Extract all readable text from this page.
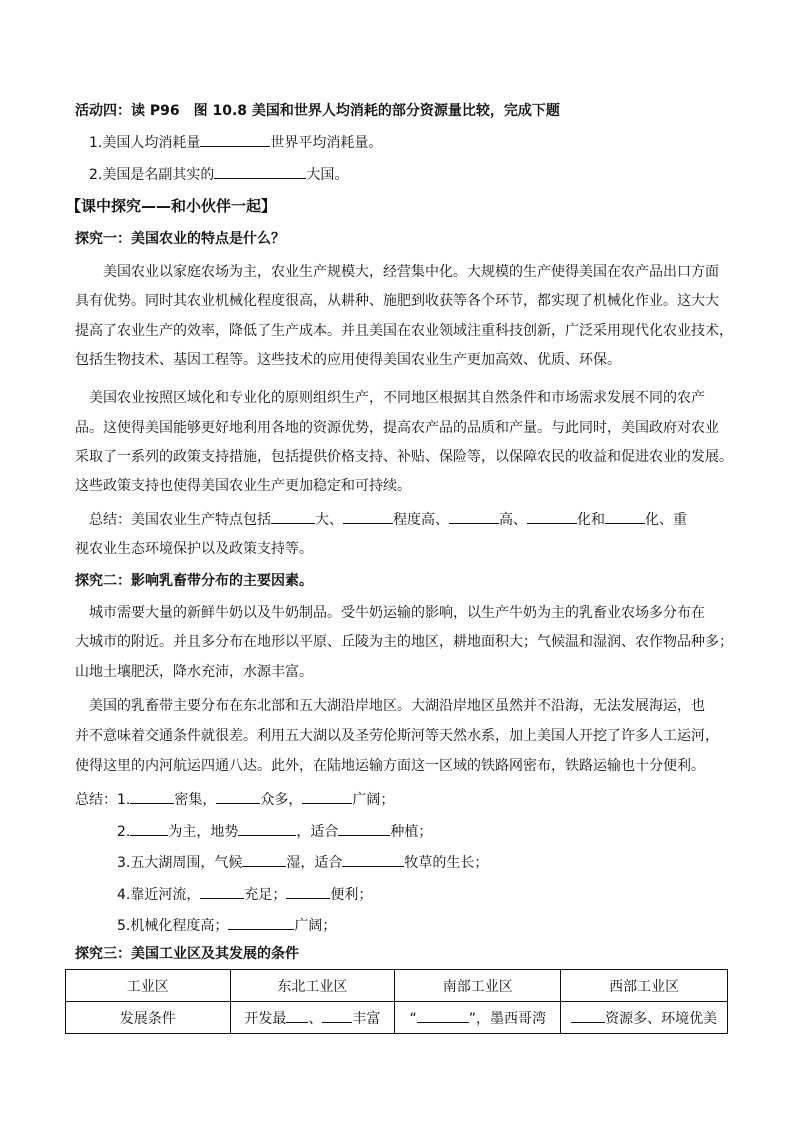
活动四：读 P96　图 10.8 美国和世界人均消耗的部分资源量比较，完成下题
1.美国人均消耗量	世界平均消耗量。
2.美国是名副其实的	大国。
【课中探究——和小伙伴一起】
探究一：美国农业的特点是什么？
美国农业以家庭农场为主，农业生产规模大，经营集中化。大规模的生产使得美国在农产品出口方面
具有优势。同时其农业机械化程度很高，从耕种、施肥到收获等各个环节，都实现了机械化作业。这大大
提高了农业生产的效率，降低了生产成本。并且美国在农业领域注重科技创新，广泛采用现代化农业技术，
包括生物技术、基因工程等。这些技术的应用使得美国农业生产更加高效、优质、环保。
美国农业按照区域化和专业化的原则组织生产，不同地区根据其自然条件和市场需求发展不同的农产
品。这使得美国能够更好地利用各地的资源优势，提高农产品的品质和产量。与此同时，美国政府对农业
采取了一系列的政策支持措施，包括提供价格支持、补贴、保险等，以保障农民的收益和促进农业的发展。
这些政策支持也使得美国农业生产更加稳定和可持续。
总结：美国农业生产特点包括	大、	程度高、	高、	化和	化、重
视农业生态环境保护以及政策支持等。
探究二：影响乳畜带分布的主要因素。
城市需要大量的新鲜牛奶以及牛奶制品。受牛奶运输的影响，以生产牛奶为主的乳畜业农场多分布在
大城市的附近。并且多分布在地形以平原、丘陵为主的地区，耕地面积大；气候温和湿润、农作物品种多；
山地土壤肥沃，降水充沛，水源丰富。
美国的乳畜带主要分布在东北部和五大湖沿岸地区。大湖沿岸地区虽然并不沿海，无法发展海运，也
并不意味着交通条件就很差。利用五大湖以及圣劳伦斯河等天然水系，加上美国人开挖了许多人工运河，
使得这里的内河航运四通八达。此外，在陆地运输方面这一区域的铁路网密布，铁路运输也十分便利。
总结：1.	密集，	众多，	广阔；
2.	为主，地势	，适合	种植；
3.五大湖周围，气候	湿，适合	牧草的生长；
4.靠近河流，	充足；	便利；
5.机械化程度高；	广阔；
探究三：美国工业区及其发展的条件
工业区	东北工业区	南部工业区	西部工业区
发展条件	开发最 、 丰富	“ ”，墨西哥湾	资源多、环境优美
